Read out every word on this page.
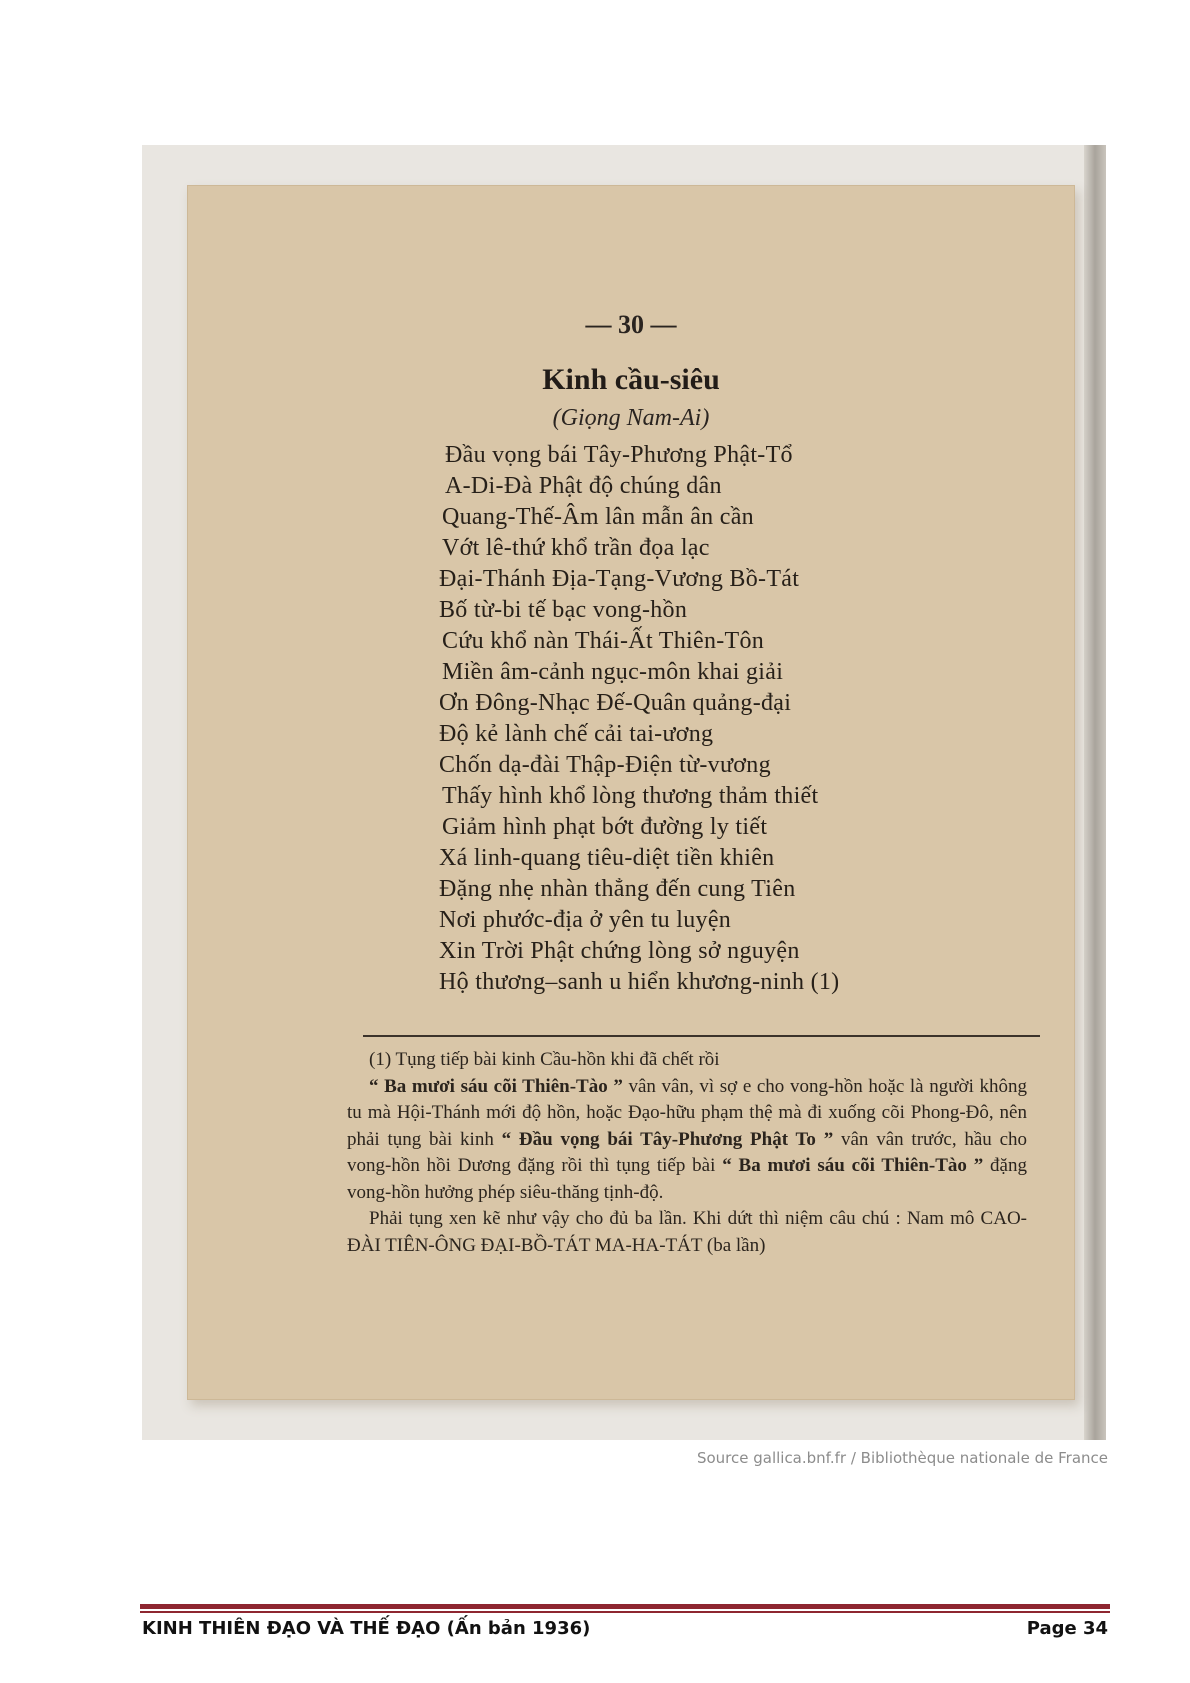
— 30 —
Kinh cầu-siêu
(Giọng Nam-Ai)
Đầu vọng bái Tây-Phương Phật-Tổ
A-Di-Đà Phật độ chúng dân
Quang-Thế-Âm lân mẫn ân cần
Vớt lê-thứ khổ trần đọa lạc
Đại-Thánh Địa-Tạng-Vương Bồ-Tát
Bố từ-bi tế bạc vong-hồn
Cứu khổ nàn Thái-Ất Thiên-Tôn
Miền âm-cảnh ngục-môn khai giải
Ơn Đông-Nhạc Đế-Quân quảng-đại
Độ kẻ lành chế cải tai-ương
Chốn dạ-đài Thập-Điện từ-vương
Thấy hình khổ lòng thương thảm thiết
Giảm hình phạt bớt đường ly tiết
Xá linh-quang tiêu-diệt tiền khiên
Đặng nhẹ nhàn thẳng đến cung Tiên
Nơi phước-địa ở yên tu luyện
Xin Trời Phật chứng lòng sở nguyện
Hộ thương–sanh u hiển khương-ninh (1)

(1) Tụng tiếp bài kinh Cầu-hồn khi đã chết rồi

“ Ba mươi sáu cõi Thiên-Tào ” vân vân, vì sợ e cho vong-hồn hoặc là người không tu mà Hội-Thánh mới độ hồn, hoặc Đạo-hữu phạm thệ mà đi xuống cõi Phong-Đô, nên phải tụng bài kinh “ Đầu vọng bái Tây-Phương Phật To ” vân vân trước, hầu cho vong-hồn hồi Dương đặng rồi thì tụng tiếp bài “ Ba mươi sáu cõi Thiên-Tào ” đặng vong-hồn hưởng phép siêu-thăng tịnh-độ.

Phải tụng xen kẽ như vậy cho đủ ba lần. Khi dứt thì niệm câu chú : Nam mô CAO-ĐÀI TIÊN-ÔNG ĐẠI-BỒ-TÁT MA-HA-TÁT (ba lần)

Source gallica.bnf.fr / Bibliothèque nationale de France
KINH THIÊN ĐẠO VÀ THẾ ĐẠO (Ấn bản 1936)	Page 34
